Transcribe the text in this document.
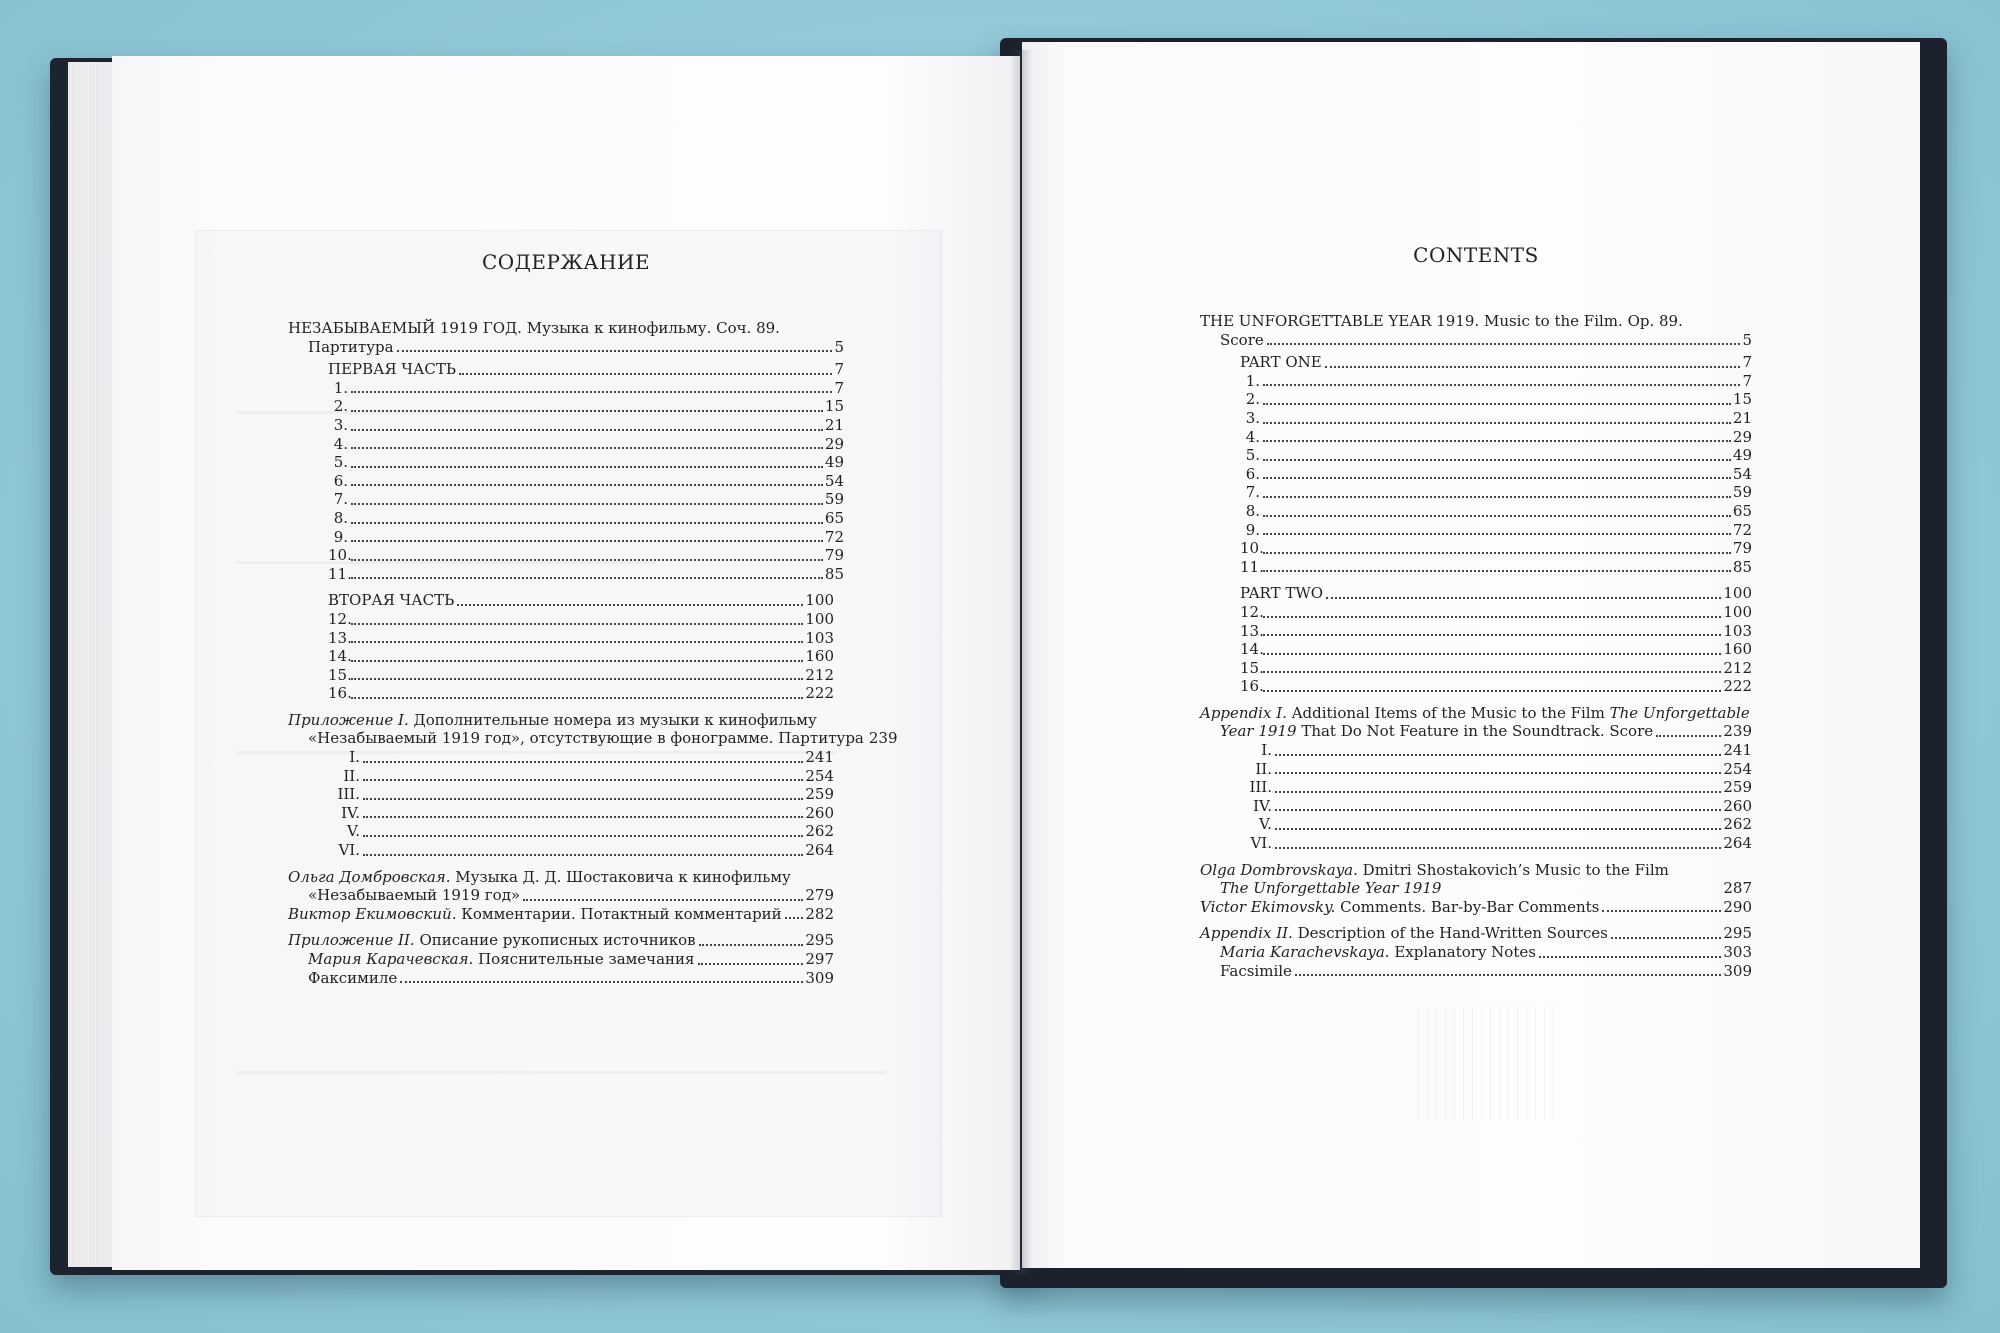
СОДЕРЖАНИЕ
НЕЗАБЫВАЕМЫЙ 1919 ГОД. Музыка к кинофильму. Соч. 89.
Партитура	5
ПЕРВАЯ ЧАСТЬ	7
1.	7
2.	15
3.	21
4.	29
5.	49
6.	54
7.	59
8.	65
9.	72
10.	79
11.	85
ВТОРАЯ ЧАСТЬ	100
12.	100
13.	103
14.	160
15.	212
16.	222
Приложение I. Дополнительные номера из музыки к кинофильму
«Незабываемый 1919 год», отсутствующие в фонограмме. Партитура 239
I.	241
II.	254
III.	259
IV.	260
V.	262
VI.	264
Ольга Домбровская. Музыка Д. Д. Шостаковича к кинофильму
«Незабываемый 1919 год»	279
Виктор Екимовский. Комментарии. Потактный комментарий 282
Приложение II. Описание рукописных источников	295
Мария Карачевская. Пояснительные замечания	297
Факсимиле	309
CONTENTS
THE UNFORGETTABLE YEAR 1919. Music to the Film. Op. 89.
Score	5
PART ONE	7
1.	7
2.	15
3.	21
4.	29
5.	49
6.	54
7.	59
8.	65
9.	72
10.	79
11.	85
PART TWO	100
12.	100
13.	103
14.	160
15.	212
16.	222
Appendix I. Additional Items of the Music to the Film The Unforgettable
Year 1919 That Do Not Feature in the Soundtrack. Score	239
I.	241
II.	254
III.	259
IV.	260
V.	262
VI.	264
Olga Dombrovskaya. Dmitri Shostakovich’s Music to the Film
The Unforgettable Year 1919	287
Victor Ekimovsky. Comments. Bar-by-Bar Comments	290
Appendix II. Description of the Hand-Written Sources	295
Maria Karachevskaya. Explanatory Notes	303
Facsimile	309
